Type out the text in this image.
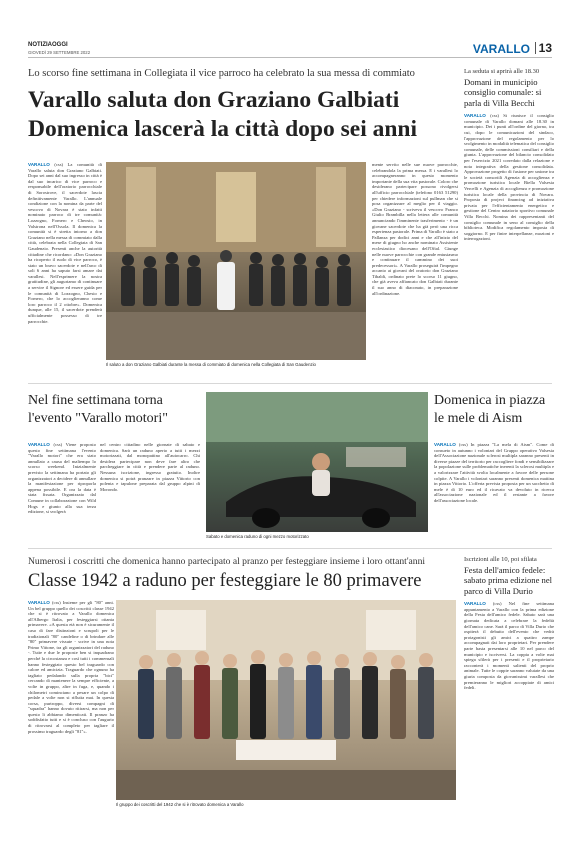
NOTIZIAOGGI
GIOVEDÌ 29 SETTEMBRE 2022	VARALLO 13
Lo scorso fine settimana in Collegiata il vice parroco ha celebrato la sua messa di commiato
Varallo saluta don Graziano Galbiati
Domenica lascerà la città dopo sei anni
VARALLO (css) La comunità di Varallo saluta don Graziano Galbiati. Dopo sei anni dal suo ingresso in città è dal suo incarico di vice parroco e responsabile dell'oratorio parrocchiale di Sorostrove, il sacerdote lascia definitivamente Varallo. L'annuale condizione con la nomina da parte del vescovo di Novara è stato infatti nominato parroco di tre comunità: Lozzogno, Fornero e Cheosio, in Valstrona nell'Ossola. Il domenica la comunità si è stretta intorno a don Graziano nella messa di commiato dalla città, celebrata nella Collegiata di San Gaudenzio. Presenti anche la autorità cittadine che ricordano: «Don Graziano ha ricoperto il ruolo di vice parroco, è stato un bravo sacerdote e nell'arco di soli 6 anni ha saputo farsi amare dai varallesi. Nell'esprimere la nostra gratitudine, gli auguriamo di continuare a servire il Signore ed essere guida per le comunità di Lozzogno, Chesio e Fornero, che lo accoglieranno come loro parroco il 2 ottobre». Domenica dunque, alle 15, il sacerdote prenderà ufficialmente possesso di tre parrocchie.
Il saluto a don Graziano Galbiati durante la messa di commiato di domenica nella Collegiata di San Gaudenzio
mente servito nelle sue nuove parrocchie, celebrandola la prima messa. E i varallesi lo accompagneranno in questo momento importante della sua vita pastorale. Coloro che desiderano partecipare possono rivolgersi all'ufficio parrocchiale (telefono 0163 51290) per chiedere informazioni sul pullman che si posa organizzare al meglio per il viaggio. «Don Graziano - scriveva il vescovo Franco Giulio Brambilla nella lettera alle comunità annunciando l'imminente trasferimento - è un giovane sacerdote che ha già però una ricca esperienza pastorale. Prima di Varallo è stato a Pallanza per dodici anni e che all'inizio del mese di giugno ho anche nominato Assistente ecclesiastico diocesano dell'Oftal. Giunge nelle nuove parrocchie con grande entusiasmo e continuare il cammino dei suoi predecessori». A Varallo proseguirà l'impegno accanto ai giovani del oratorio don Graziano Tibaldi, ordinato prete lo scorso 11 giugno, che già aveva affiancato don Galbiati durante il suo anno di diaconato, in preparazione all'ordinazione.
La seduta si aprirà alle 18.30
Domani in municipio consiglio comunale: si parla di Villa Becchi
VARALLO (css) Si riunisce il consiglio comunale di Varallo domani alle 18.30 in municipio. Dei i punti all'ordine del giorno, tra cui, dopo le comunicazioni del sindaco, l'approvazione del regolamento per lo svolgimento in modalità telematica del consiglio comunale, delle commissioni consiliari e della giunta. L'approvazione del bilancio consolidato per l'esercizio 2021 corredato dalla relazione e nota integrativa della gestione consolidata. Approvazione progetto di fusione per unione tra le società consortili Agenzia di accoglienza e promozione turistica locale Biella Valsesia Vercelli e Agenzia di accoglienza e promozione turistica locale della provincia di Novara. Proposta di project financing ad iniziativa privata per l'efficientamento energetico e gestione del Centro natatorio sportivo comunale Villa Becchi. Nomina dei rappresentanti del consiglio comunale in seno al consiglio della biblioteca. Modifica regolamento imposta di soggiorno. E per finire interpellanze, mozioni e interrogazioni.
Nel fine settimana torna l'evento "Varallo motori"
VARALLO (css) Viene proposto questo fine settimana l'evento "Varallo motori" che era stato annullato a causa del maltempo lo scorso weekend. Inizialmente previsto la settimana ha portato gli organizzatori a decidere di annullare la manifestazione per riproporla appena possibile. E ora la data è stata fissata. Organizzato dal Comune in collaborazione con Wild Hogs e giunto alla sua terza edizione, si svolgerà
nel centro cittadino nelle giornate di sabato e domenica. Sarà un raduno aperto a tutti i mezzi motorizzati, dal monopattino all'autocarro. Chi desidera partecipare non deve fare altro che parcheggiare in città e prendere parte al raduno. Nessuna iscrizione, ingresso gratuito. Inoltre domenica si potrà pranzare in piazza Vittorio con polenta e tapulone preparata dal gruppo alpini di Morondo.
Sabato e domenica raduno di ogni mezzo motorizzato
Domenica in piazza le mele di Aism
VARALLO (css) In piazza "La mela di Aism". Come di consueto in autunno i volontari del Gruppo operativo Valsesia dell'Associazione nazionale sclerosi multipla saranno presenti in diverse piazze del territorio per raccogliere fondi e sensibilizzare la popolazione sulle problematiche inerenti la sclerosi multipla e a valorizzare l'attività svolta localmente a favore delle persone colpite. A Varallo i volontari saranno presenti domenica mattina in piazza Vittorio. L'offerta prevista proposta per un sacchetto di mele è di 10 euro ed il ricavato va devoluto in ricerca all'associazione nazionale ed il restante a favore dell'associazione locale.
Numerosi i coscritti che domenica hanno partecipato al pranzo per festeggiare insieme i loro ottant'anni
Classe 1942 a raduno per festeggiare le 80 primavere
VARALLO (css) Insieme per gli "80" anni. Un bel gruppo quello dei coscritti classe 1942 che si è ritrovato a Varallo domenica all'Albergo Italia, per festeggiarsi ottanta primavere. «A questa età non è sicuramente il caso di fare distinzioni e scrupoli per le tradizionali "80" candeline o di brindare alle "80" primavere vissute - scrive in una nota Primo Vittone, tra gli organizzatori del raduno -. Tutte e due le proposte ben si inquadrano perché la circostanza e così tutti i commensali hanno festeggiato questo bel traguardo con calore ed amicizia. Traguardo che ognuno ha tagliato pedalando sulla propria "bici" cercando di mantenere la sempre efficiente, a volte in gruppo, altre in fuga, e, quando i chilometri cominciano a pesare un colpo di pedale a volte non si riflutta mai. In questa corsa, purtroppo, diversi compagni di "squadra" hanno dovuto ritirarsi, ma non per questo li abbiamo dimenticati. Il pranzo ha soddisfatto tutti e si è concluso con l'augurio di ritrovarsi al completo per tagliare il prossimo traguardo degli "81"».
Il gruppo dei coscritti del 1942 che si è ritrovato domenica a Varallo
Iscrizioni alle 10, poi sfilata
Festa dell'amico fedele: sabato prima edizione nel parco di Villa Durio
VARALLO (css) Nel fine settimana appuntamento a Varallo con la prima edizione della Festa dell'amico fedele. Sabato sarà una giornata dedicata a celebrare la fedeltà dell'amico cane. Sarà il parco di Villa Durio che ospiterà il debutto dell'evento che vedrà protagonisti gli amici a quattro zampe accompagnati dai loro proprietari. Per prendere parte basta presentarsi alle 10 nel parco del municipio e iscriversi. La coppia a volte mai spiega sfilerà per i presenti e il proprietario racconterà i momenti salienti del proprio animale. Tutte le coppie saranno valutate da una giuria composta da giovanissimi varallesi che premieranno le migliori accoppiate di amici fedeli.
